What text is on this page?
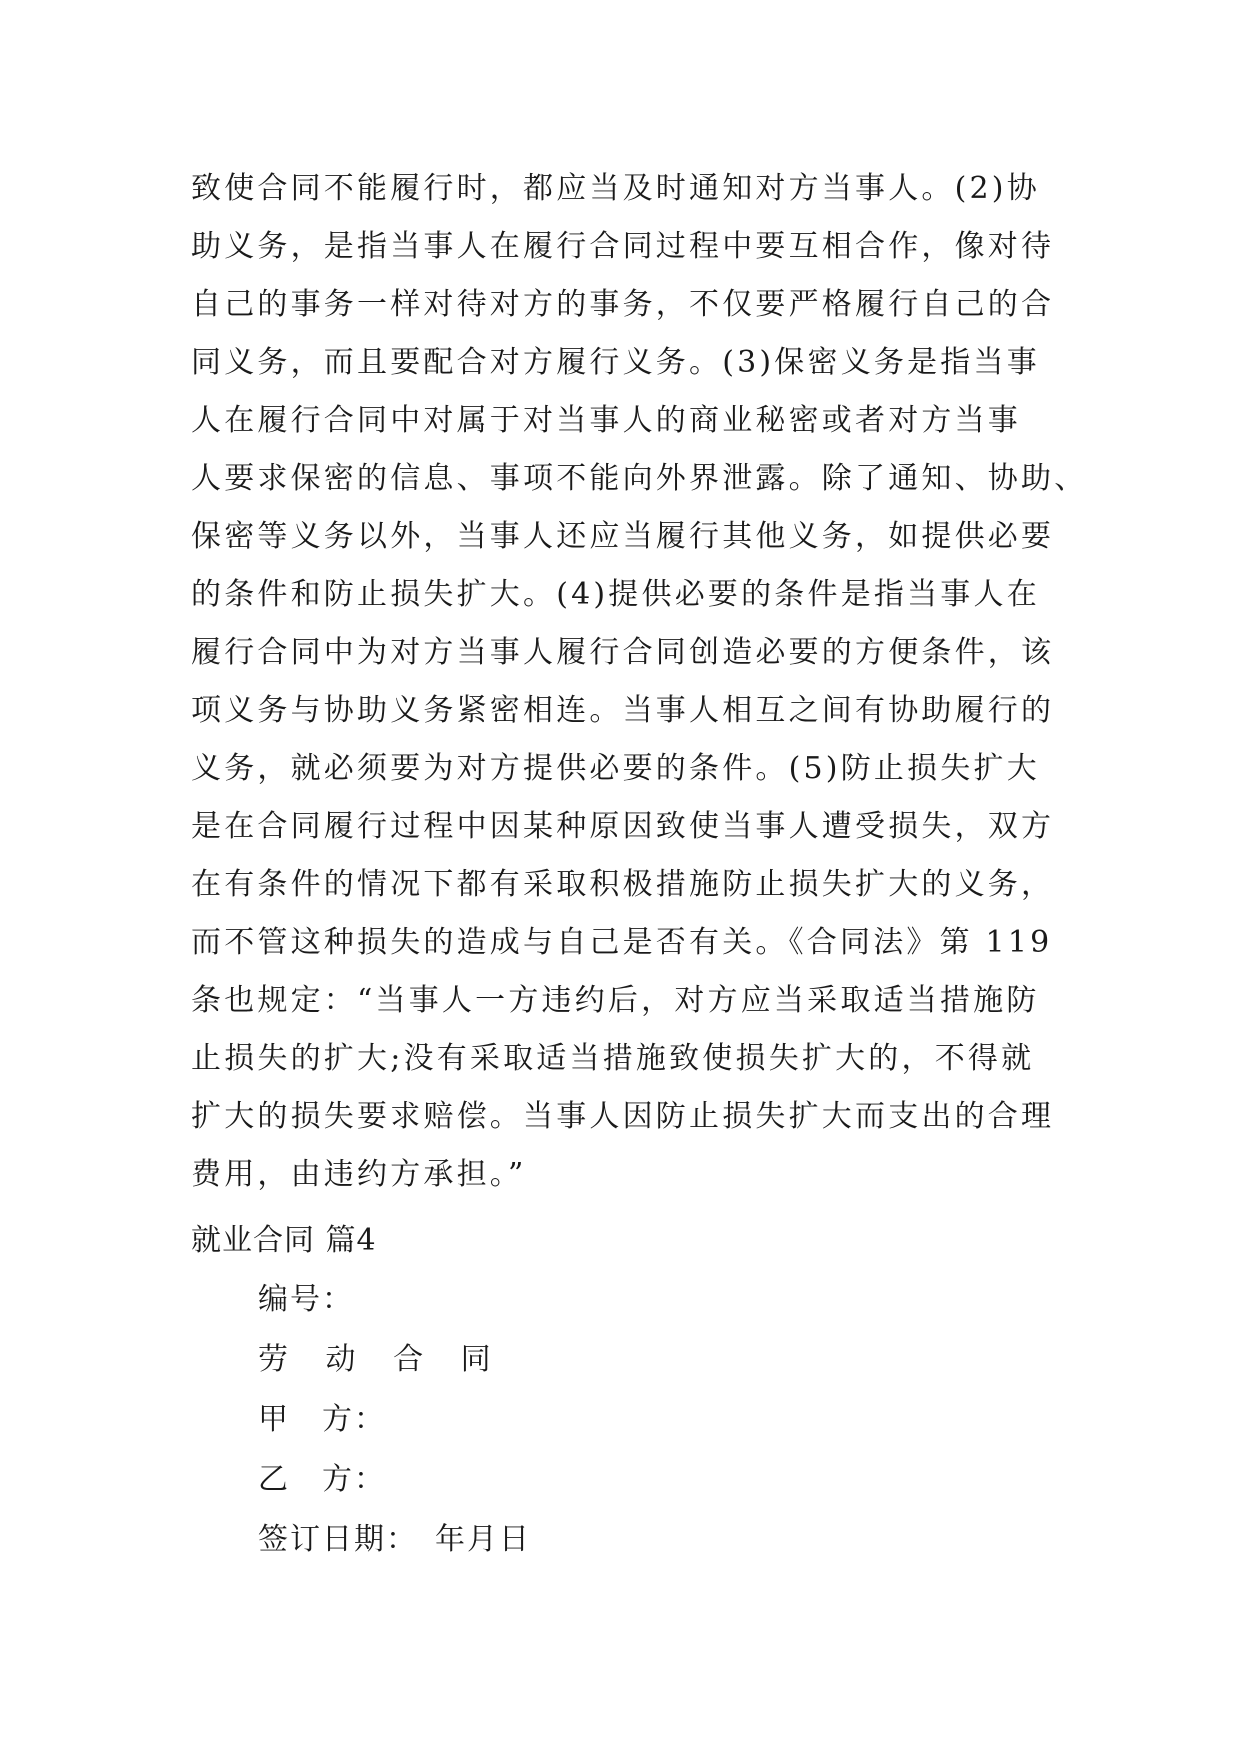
致使合同不能履行时，都应当及时通知对方当事人。(2)协
助义务，是指当事人在履行合同过程中要互相合作，像对待
自己的事务一样对待对方的事务，不仅要严格履行自己的合
同义务，而且要配合对方履行义务。(3)保密义务是指当事
人在履行合同中对属于对当事人的商业秘密或者对方当事
人要求保密的信息、事项不能向外界泄露。除了通知、协助、
保密等义务以外，当事人还应当履行其他义务，如提供必要
的条件和防止损失扩大。(4)提供必要的条件是指当事人在
履行合同中为对方当事人履行合同创造必要的方便条件，该
项义务与协助义务紧密相连。当事人相互之间有协助履行的
义务，就必须要为对方提供必要的条件。(5)防止损失扩大
是在合同履行过程中因某种原因致使当事人遭受损失，双方
在有条件的情况下都有采取积极措施防止损失扩大的义务，
而不管这种损失的造成与自己是否有关。《合同法》第 119
条也规定：“当事人一方违约后，对方应当采取适当措施防
止损失的扩大;没有采取适当措施致使损失扩大的，不得就
扩大的损失要求赔偿。当事人因防止损失扩大而支出的合理
费用，由违约方承担。”
就业合同 篇4
编号：
劳 动 合 同
甲　方：
乙　方：
签订日期：　年月日
